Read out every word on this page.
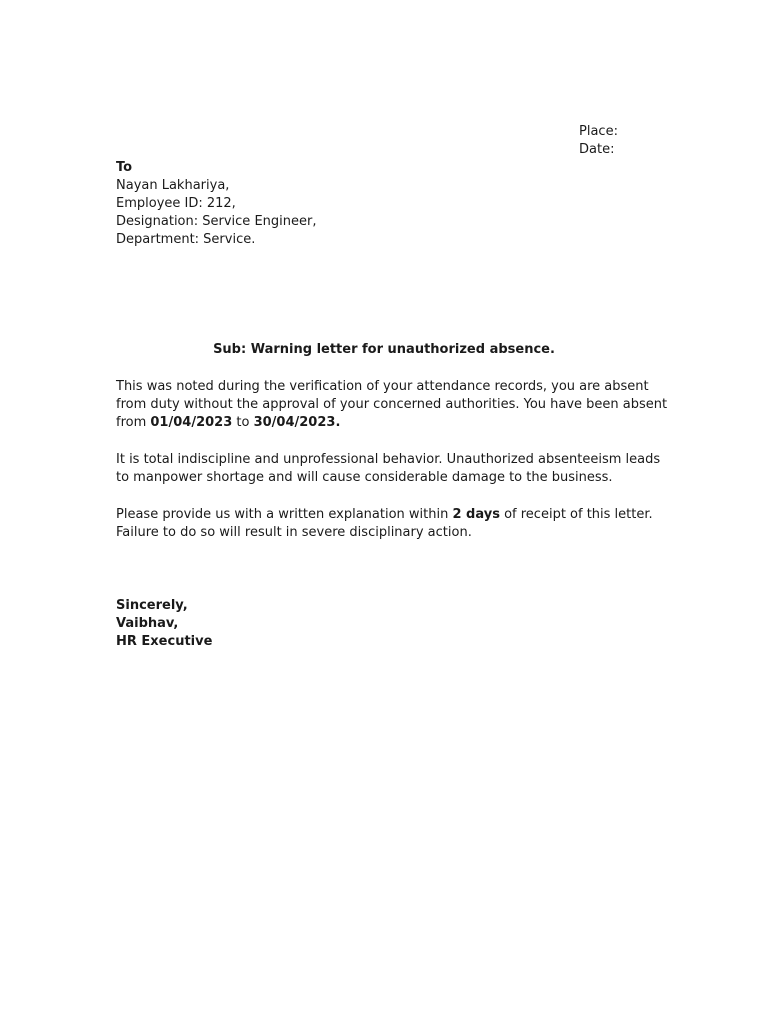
Place:
Date:
To
Nayan Lakhariya,
Employee ID: 212,
Designation: Service Engineer,
Department: Service.
Sub: Warning letter for unauthorized absence.
This was noted during the verification of your attendance records, you are absent
from duty without the approval of your concerned authorities. You have been absent
from 01/04/2023 to 30/04/2023.
It is total indiscipline and unprofessional behavior. Unauthorized absenteeism leads
to manpower shortage and will cause considerable damage to the business.
Please provide us with a written explanation within 2 days of receipt of this letter.
Failure to do so will result in severe disciplinary action.
Sincerely,
Vaibhav,
HR Executive
